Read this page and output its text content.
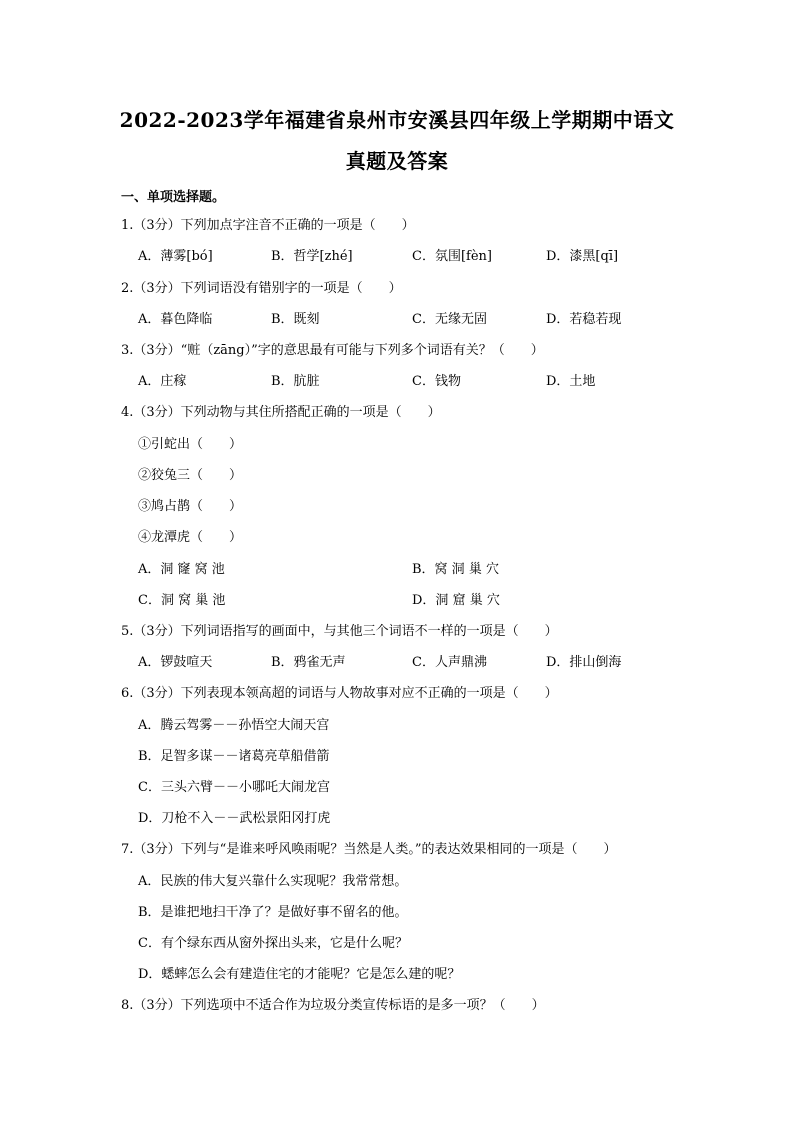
2022-2023学年福建省泉州市安溪县四年级上学期期中语文
真题及答案
一、单项选择题。
1.（3分）下列加点字注音不正确的一项是（　　）
A．薄雾[bó]	B．哲学[zhé]	C．氛围[fèn]	D．漆黑[qī]
2.（3分）下列词语没有错别字的一项是（　　）
A．暮色降临	B．既刻	C．无缘无固	D．若稳若现
3.（3分）“赃（zāng）”字的意思最有可能与下列多个词语有关？（　　）
A．庄稼	B．肮脏	C．钱物	D．土地
4.（3分）下列动物与其住所搭配正确的一项是（　　）
①引蛇出（　　）
②狡兔三（　　）
③鸠占鹊（　　）
④龙潭虎（　　）
A．洞 窿 窝 池	B．窝 洞 巢 穴
C．洞 窝 巢 池	D．洞 窟 巢 穴
5.（3分）下列词语指写的画面中，与其他三个词语不一样的一项是（　　）
A．锣鼓喧天	B．鸦雀无声	C．人声鼎沸	D．排山倒海
6.（3分）下列表现本领高超的词语与人物故事对应不正确的一项是（　　）
A．腾云驾雾－－孙悟空大闹天宫
B．足智多谋－－诸葛亮草船借箭
C．三头六臂－－小哪吒大闹龙宫
D．刀枪不入－－武松景阳冈打虎
7.（3分）下列与“是谁来呼风唤雨呢？当然是人类。”的表达效果相同的一项是（　　）
A．民族的伟大复兴靠什么实现呢？我常常想。
B．是谁把地扫干净了？是做好事不留名的他。
C．有个绿东西从窗外探出头来，它是什么呢？
D．蟋蟀怎么会有建造住宅的才能呢？它是怎么建的呢？
8.（3分）下列选项中不适合作为垃圾分类宣传标语的是多一项？（　　）
